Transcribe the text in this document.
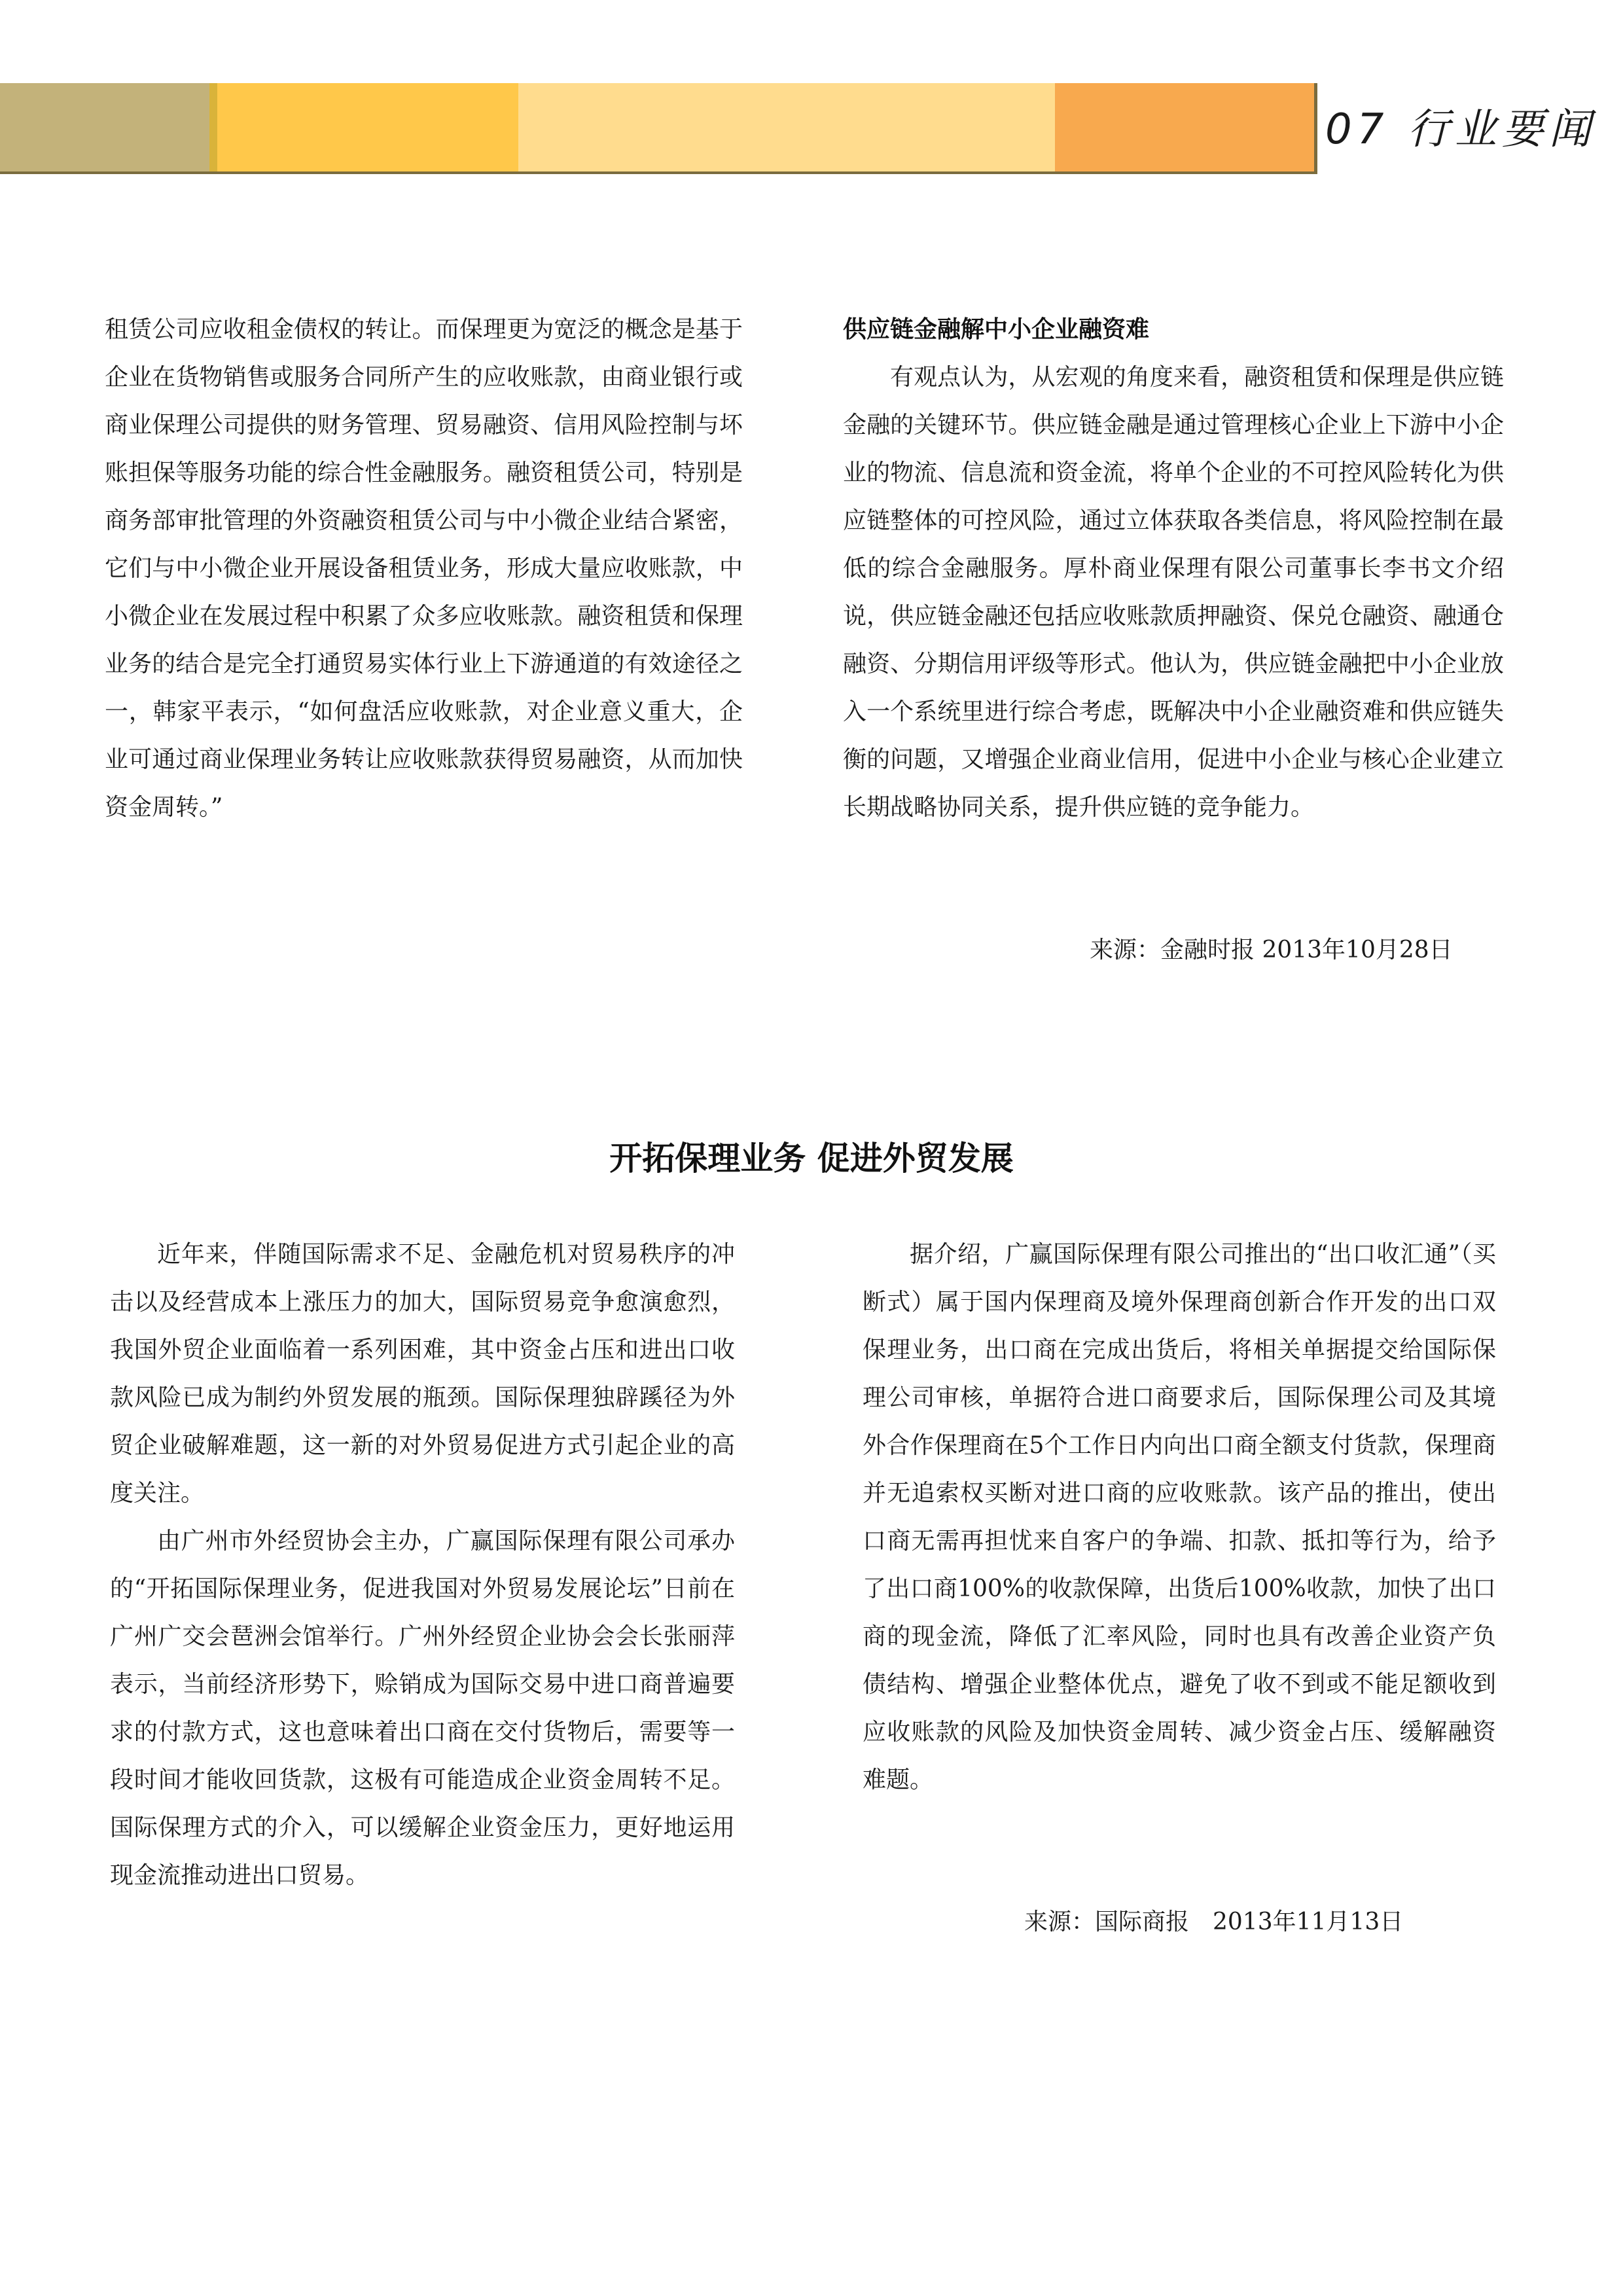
07 行业要闻

租赁公司应收租金债权的转让。而保理更为宽泛的概念是基于企业在货物销售或服务合同所产生的应收账款，由商业银行或商业保理公司提供的财务管理、贸易融资、信用风险控制与坏账担保等服务功能的综合性金融服务。融资租赁公司，特别是商务部审批管理的外资融资租赁公司与中小微企业结合紧密，它们与中小微企业开展设备租赁业务，形成大量应收账款，中小微企业在发展过程中积累了众多应收账款。融资租赁和保理业务的结合是完全打通贸易实体行业上下游通道的有效途径之一，韩家平表示，“如何盘活应收账款，对企业意义重大，企业可通过商业保理业务转让应收账款获得贸易融资，从而加快资金周转。”

供应链金融解中小企业融资难

有观点认为，从宏观的角度来看，融资租赁和保理是供应链金融的关键环节。供应链金融是通过管理核心企业上下游中小企业的物流、信息流和资金流，将单个企业的不可控风险转化为供应链整体的可控风险，通过立体获取各类信息，将风险控制在最低的综合金融服务。厚朴商业保理有限公司董事长李书文介绍说，供应链金融还包括应收账款质押融资、保兑仓融资、融通仓融资、分期信用评级等形式。他认为，供应链金融把中小企业放入一个系统里进行综合考虑，既解决中小企业融资难和供应链失衡的问题，又增强企业商业信用，促进中小企业与核心企业建立长期战略协同关系，提升供应链的竞争能力。

来源：金融时报 2013年10月28日
开拓保理业务 促进外贸发展

近年来，伴随国际需求不足、金融危机对贸易秩序的冲击以及经营成本上涨压力的加大，国际贸易竞争愈演愈烈，我国外贸企业面临着一系列困难，其中资金占压和进出口收款风险已成为制约外贸发展的瓶颈。国际保理独辟蹊径为外贸企业破解难题，这一新的对外贸易促进方式引起企业的高度关注。

由广州市外经贸协会主办，广赢国际保理有限公司承办的“开拓国际保理业务，促进我国对外贸易发展论坛”日前在广州广交会琶洲会馆举行。广州外经贸企业协会会长张丽萍表示，当前经济形势下，赊销成为国际交易中进口商普遍要求的付款方式，这也意味着出口商在交付货物后，需要等一段时间才能收回货款，这极有可能造成企业资金周转不足。国际保理方式的介入，可以缓解企业资金压力，更好地运用现金流推动进出口贸易。

据介绍，广赢国际保理有限公司推出的“出口收汇通”（买断式）属于国内保理商及境外保理商创新合作开发的出口双保理业务，出口商在完成出货后，将相关单据提交给国际保理公司审核，单据符合进口商要求后，国际保理公司及其境外合作保理商在5个工作日内向出口商全额支付货款，保理商并无追索权买断对进口商的应收账款。该产品的推出，使出口商无需再担忧来自客户的争端、扣款、抵扣等行为，给予了出口商100%的收款保障，出货后100%收款，加快了出口商的现金流，降低了汇率风险，同时也具有改善企业资产负债结构、增强企业整体优点，避免了收不到或不能足额收到应收账款的风险及加快资金周转、减少资金占压、缓解融资难题。

来源：国际商报　2013年11月13日
